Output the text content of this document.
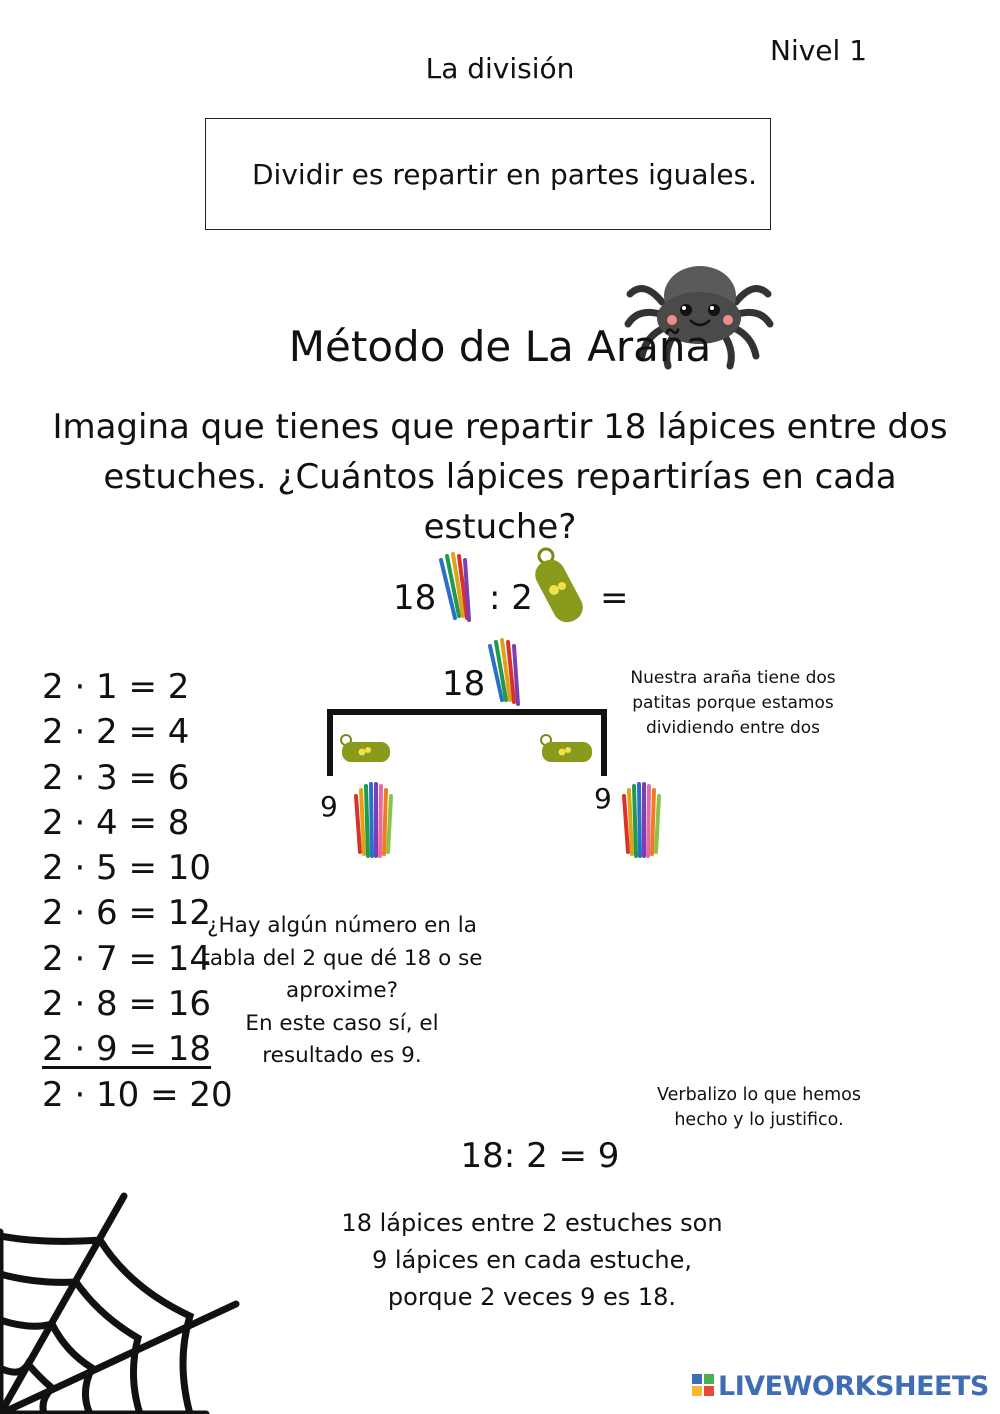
La división
Nivel 1
Dividir es repartir en partes iguales.
Método de La Araña
Imagina que tienes que repartir 18 lápices entre dos estuches. ¿Cuántos lápices repartirías en cada estuche?
18 : 2 =
18
9	9
Nuestra araña tiene dos patitas porque estamos dividiendo entre dos
2 · 1 = 2
2 · 2 = 4
2 · 3 = 6
2 · 4 = 8
2 · 5 = 10
2 · 6 = 12
2 · 7 = 14
2 · 8 = 16
2 · 9 = 18
2 · 10 = 20
¿Hay algún número en la tabla del 2 que dé 18 o se aproxime?
En este caso sí, el resultado es 9.
Verbalizo lo que hemos hecho y lo justifico.
18: 2 = 9
18 lápices entre 2 estuches son
9 lápices en cada estuche,
porque 2 veces 9 es 18.
LIVEWORKSHEETS
